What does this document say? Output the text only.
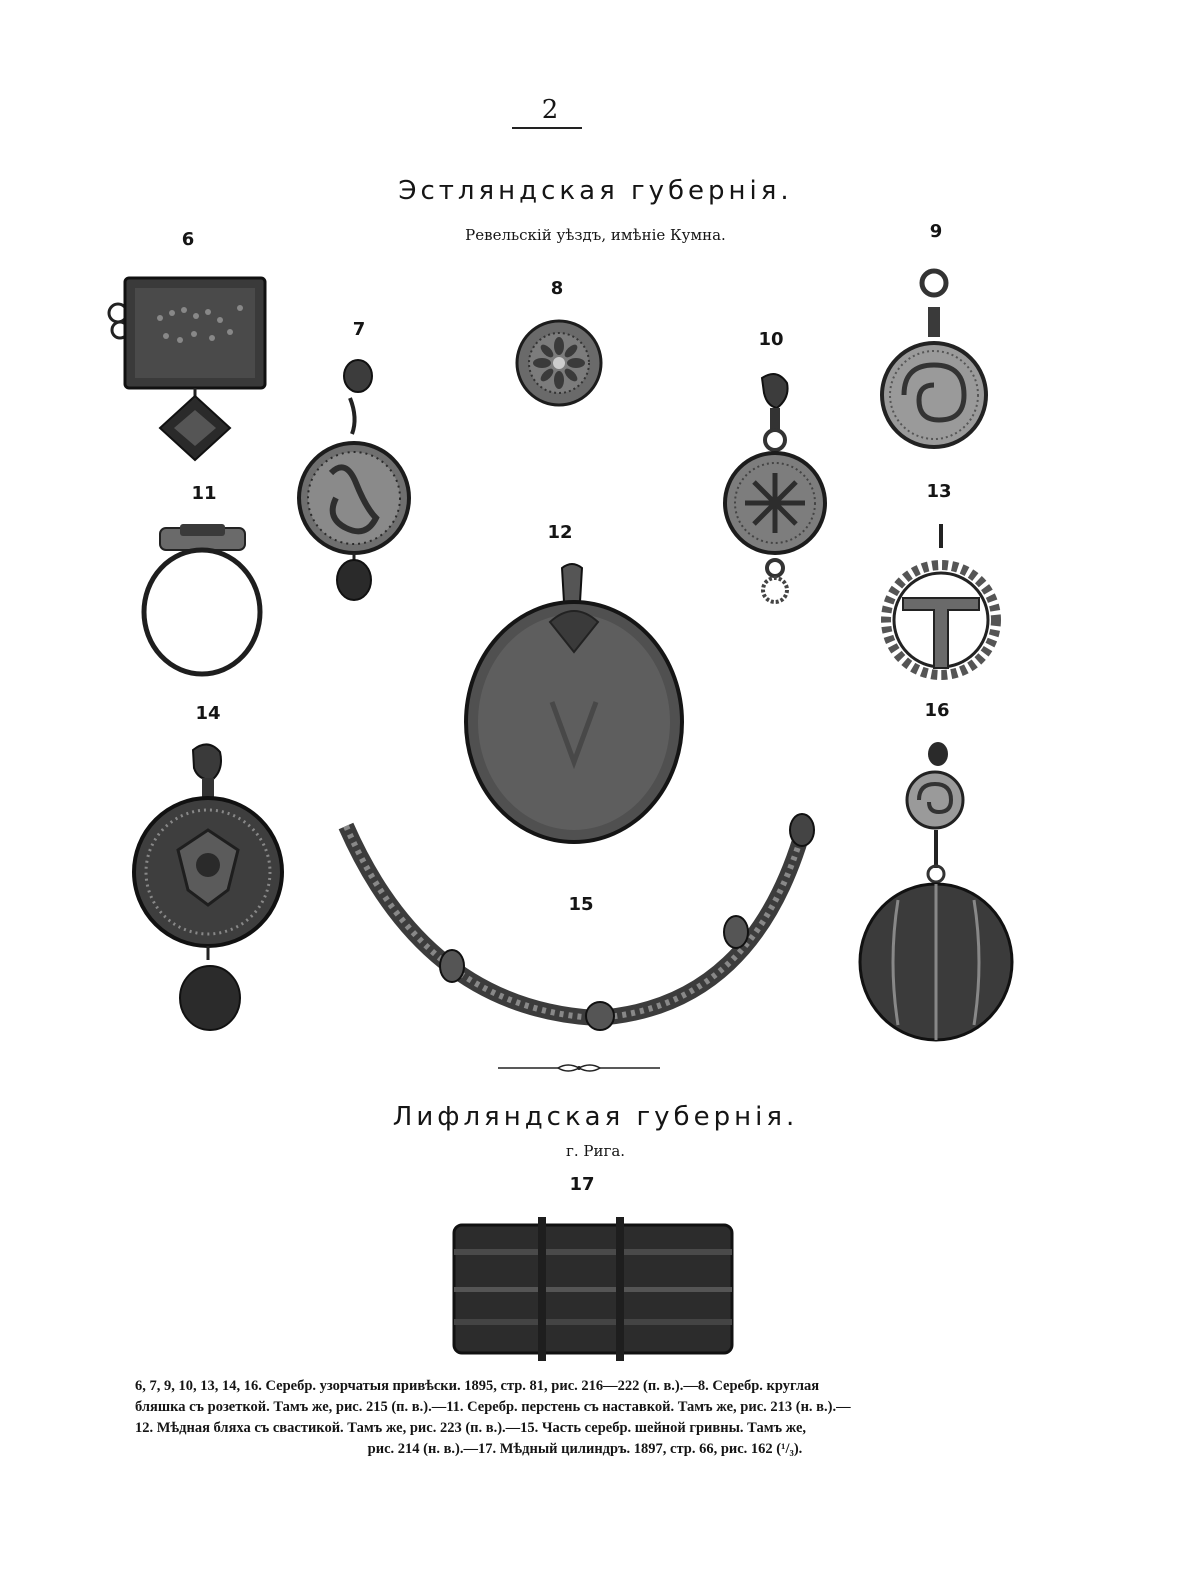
2
Эстляндская губернія.
Ревельскій уѣздъ, имѣніе Кумна.
6
7
8
9
10
11
12
13
14
15
16
17
Лифляндская губернія.
г. Рига.

6, 7, 9, 10, 13, 14, 16. Серебр. узорчатыя привѣски. 1895, стр. 81, рис. 216—222 (п. в.).—8. Серебр. круглая

бляшка съ розеткой. Тамъ же, рис. 215 (п. в.).—11. Серебр. перстень съ наставкой. Тамъ же, рис. 213 (н. в.).—

12. Мѣдная бляха съ свастикой. Тамъ же, рис. 223 (п. в.).—15. Часть серебр. шейной гривны. Тамъ же,

рис. 214 (н. в.).—17. Мѣдный цилиндръ. 1897, стр. 66, рис. 162 (¹/₃).
